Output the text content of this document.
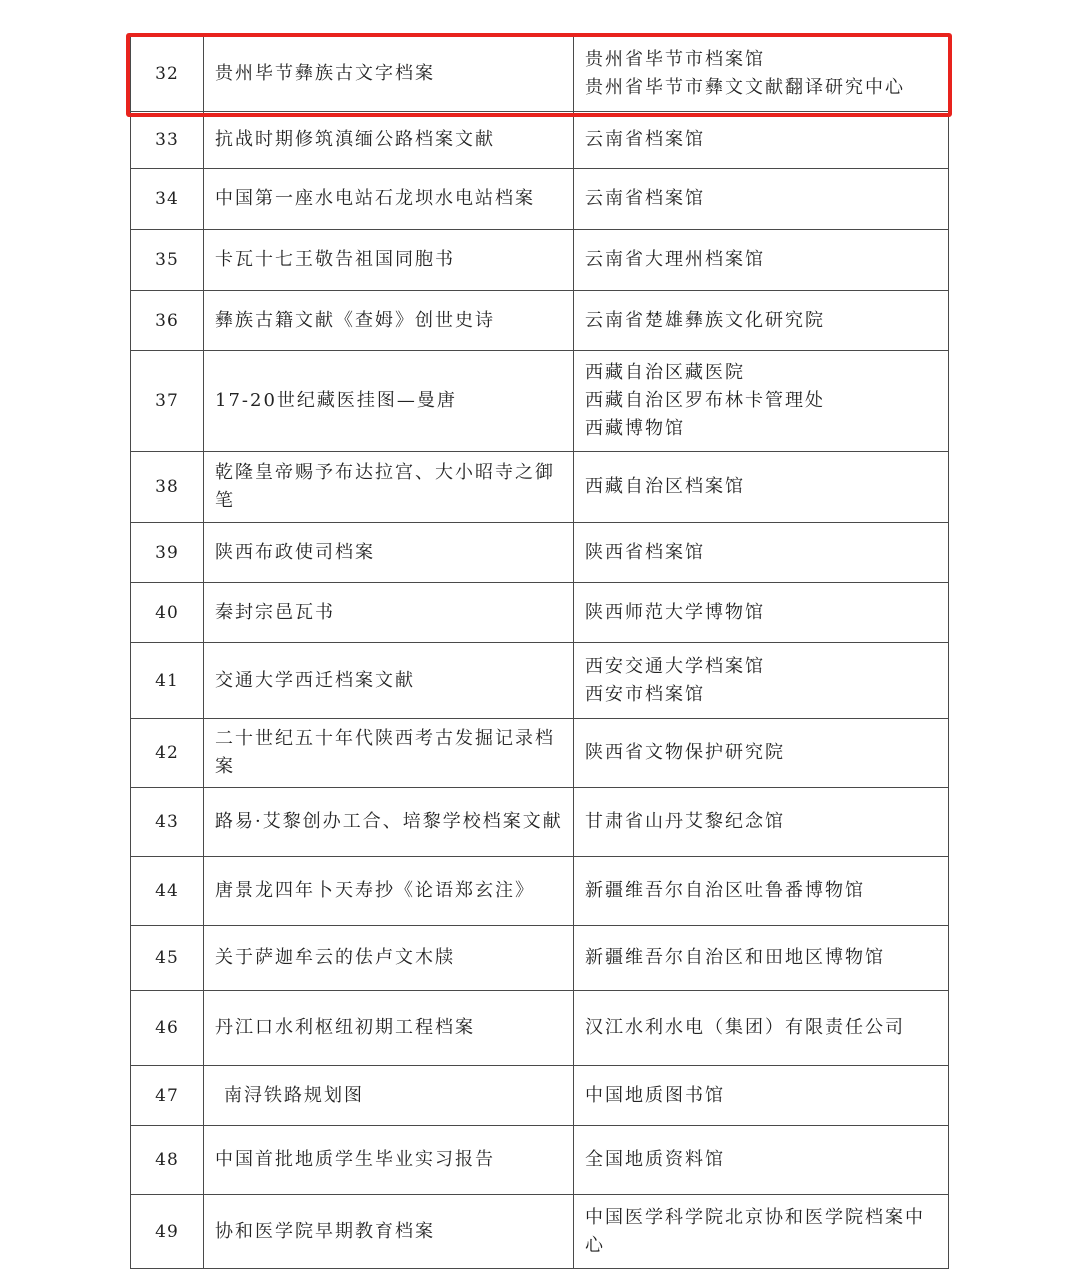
32	贵州毕节彝族古文字档案	贵州省毕节市档案馆
贵州省毕节市彝文文献翻译研究中心

33	抗战时期修筑滇缅公路档案文献	云南省档案馆

34	中国第一座水电站石龙坝水电站档案	云南省档案馆

35	卡瓦十七王敬告祖国同胞书	云南省大理州档案馆

36	彝族古籍文献《查姆》创世史诗	云南省楚雄彝族文化研究院

37	17-20世纪藏医挂图—曼唐	西藏自治区藏医院
西藏自治区罗布林卡管理处
西藏博物馆

38	乾隆皇帝赐予布达拉宫、大小昭寺之御笔	西藏自治区档案馆

39	陕西布政使司档案	陕西省档案馆

40	秦封宗邑瓦书	陕西师范大学博物馆

41	交通大学西迁档案文献	西安交通大学档案馆
西安市档案馆

42	二十世纪五十年代陕西考古发掘记录档案	陕西省文物保护研究院

43	路易·艾黎创办工合、培黎学校档案文献	甘肃省山丹艾黎纪念馆

44	唐景龙四年卜天寿抄《论语郑玄注》	新疆维吾尔自治区吐鲁番博物馆

45	关于萨迦牟云的佉卢文木牍	新疆维吾尔自治区和田地区博物馆

46	丹江口水利枢纽初期工程档案	汉江水利水电（集团）有限责任公司

47	南浔铁路规划图	中国地质图书馆

48	中国首批地质学生毕业实习报告	全国地质资料馆

49	协和医学院早期教育档案	中国医学科学院北京协和医学院档案中心
